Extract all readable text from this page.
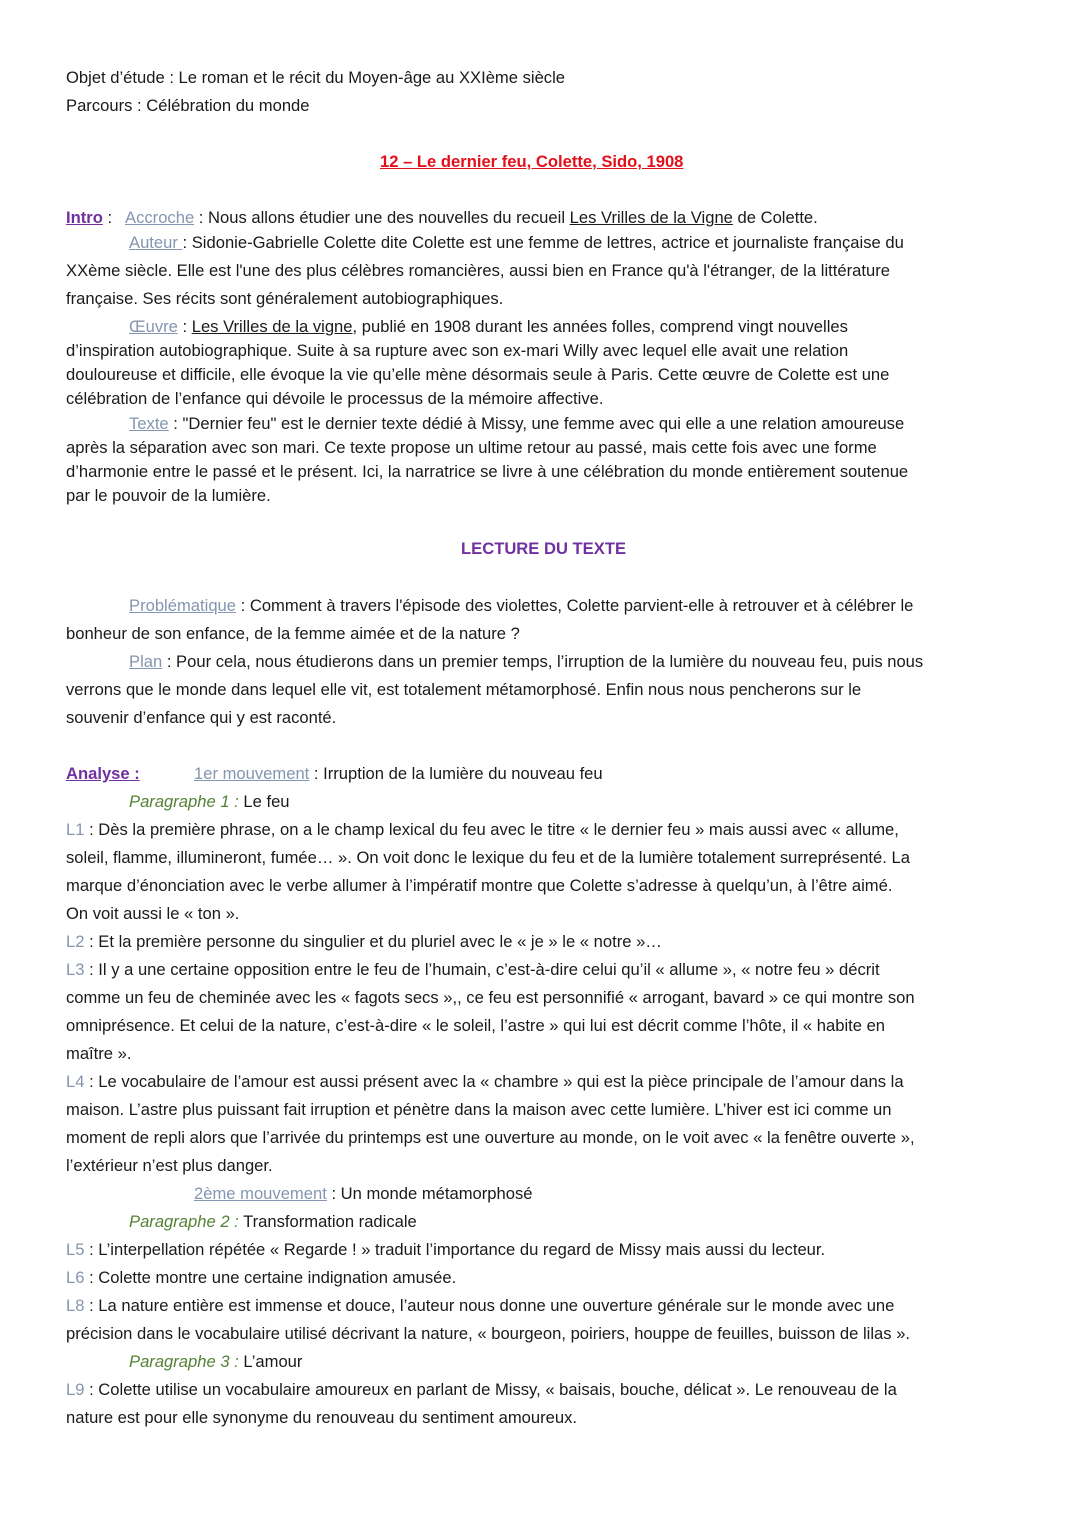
Objet d’étude : Le roman et le récit du Moyen-âge au XXIème siècle
Parcours : Célébration du monde
12 – Le dernier feu, Colette, Sido, 1908
Intro :   Accroche : Nous allons étudier une des nouvelles du recueil Les Vrilles de la Vigne de Colette.
Auteur : Sidonie-Gabrielle Colette dite Colette est une femme de lettres, actrice et journaliste française du
XXème siècle. Elle est l'une des plus célèbres romancières, aussi bien en France qu'à l'étranger, de la littérature
française. Ses récits sont généralement autobiographiques.
Œuvre : Les Vrilles de la vigne, publié en 1908 durant les années folles, comprend vingt nouvelles
d’inspiration autobiographique. Suite à sa rupture avec son ex-mari Willy avec lequel elle avait une relation
douloureuse et difficile, elle évoque la vie qu’elle mène désormais seule à Paris. Cette œuvre de Colette est une
célébration de l’enfance qui dévoile le processus de la mémoire affective.
Texte : "Dernier feu" est le dernier texte dédié à Missy, une femme avec qui elle a une relation amoureuse
après la séparation avec son mari. Ce texte propose un ultime retour au passé, mais cette fois avec une forme
d’harmonie entre le passé et le présent. Ici, la narratrice se livre à une célébration du monde entièrement soutenue
par le pouvoir de la lumière.
LECTURE DU TEXTE
Problématique : Comment à travers l'épisode des violettes, Colette parvient-elle à retrouver et à célébrer le
bonheur de son enfance, de la femme aimée et de la nature ?
Plan : Pour cela, nous étudierons dans un premier temps, l’irruption de la lumière du nouveau feu, puis nous
verrons que le monde dans lequel elle vit, est totalement métamorphosé. Enfin nous nous pencherons sur le
souvenir d’enfance qui y est raconté.
Analyse :	1er mouvement : Irruption de la lumière du nouveau feu
Paragraphe 1 : Le feu
L1 : Dès la première phrase, on a le champ lexical du feu avec le titre « le dernier feu » mais aussi avec « allume,
soleil, flamme, illumineront, fumée… ». On voit donc le lexique du feu et de la lumière totalement surreprésenté. La
marque d’énonciation avec le verbe allumer à l’impératif montre que Colette s’adresse à quelqu’un, à l’être aimé.
On voit aussi le « ton ».
L2 : Et la première personne du singulier et du pluriel avec le « je » le « notre »…
L3 : Il y a une certaine opposition entre le feu de l’humain, c’est-à-dire celui qu’il « allume », « notre feu » décrit
comme un feu de cheminée avec les « fagots secs »,, ce feu est personnifié « arrogant, bavard » ce qui montre son
omniprésence. Et celui de la nature, c’est-à-dire « le soleil, l’astre » qui lui est décrit comme l’hôte, il « habite en
maître ».
L4 : Le vocabulaire de l’amour est aussi présent avec la « chambre » qui est la pièce principale de l’amour dans la
maison. L’astre plus puissant fait irruption et pénètre dans la maison avec cette lumière. L’hiver est ici comme un
moment de repli alors que l’arrivée du printemps est une ouverture au monde, on le voit avec « la fenêtre ouverte »,
l’extérieur n’est plus danger.
2ème mouvement : Un monde métamorphosé
Paragraphe 2 : Transformation radicale
L5 : L’interpellation répétée « Regarde ! » traduit l’importance du regard de Missy mais aussi du lecteur.
L6 : Colette montre une certaine indignation amusée.
L8 : La nature entière est immense et douce, l’auteur nous donne une ouverture générale sur le monde avec une
précision dans le vocabulaire utilisé décrivant la nature, « bourgeon, poiriers, houppe de feuilles, buisson de lilas ».
Paragraphe 3 : L’amour
L9 : Colette utilise un vocabulaire amoureux en parlant de Missy, « baisais, bouche, délicat ». Le renouveau de la
nature est pour elle synonyme du renouveau du sentiment amoureux.
